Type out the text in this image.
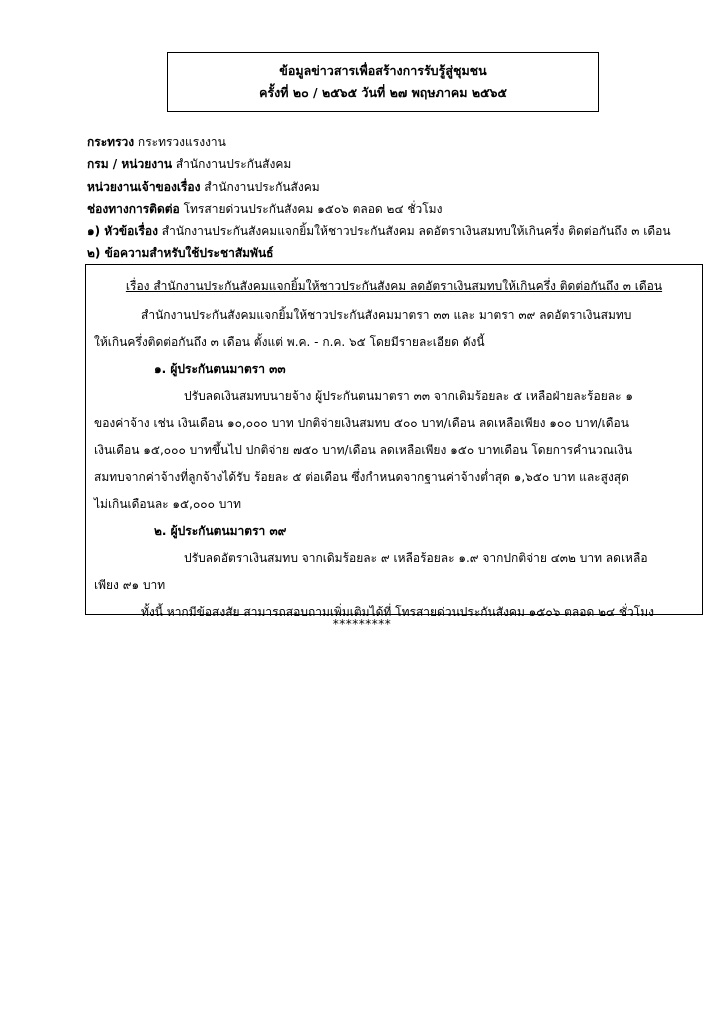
ข้อมูลข่าวสารเพื่อสร้างการรับรู้สู่ชุมชน
ครั้งที่ ๒๐ / ๒๕๖๕ วันที่ ๒๗ พฤษภาคม ๒๕๖๕
กระทรวง กระทรวงแรงงาน
กรม / หน่วยงาน สำนักงานประกันสังคม
หน่วยงานเจ้าของเรื่อง สำนักงานประกันสังคม
ช่องทางการติดต่อ โทรสายด่วนประกันสังคม ๑๕๐๖ ตลอด ๒๔ ชั่วโมง
๑) หัวข้อเรื่อง สำนักงานประกันสังคมแจกยิ้มให้ชาวประกันสังคม ลดอัตราเงินสมทบให้เกินครึ่ง ติดต่อกันถึง ๓ เดือน
๒) ข้อความสำหรับใช้ประชาสัมพันธ์

เรื่อง สำนักงานประกันสังคมแจกยิ้มให้ชาวประกันสังคม ลดอัตราเงินสมทบให้เกินครึ่ง ติดต่อกันถึง ๓ เดือน

สำนักงานประกันสังคมแจกยิ้มให้ชาวประกันสังคมมาตรา ๓๓ และ มาตรา ๓๙ ลดอัตราเงินสมทบ

ให้เกินครึ่งติดต่อกันถึง ๓ เดือน ตั้งแต่ พ.ค. - ก.ค. ๖๕ โดยมีรายละเอียด ดังนี้

๑. ผู้ประกันตนมาตรา ๓๓

ปรับลดเงินสมทบนายจ้าง ผู้ประกันตนมาตรา ๓๓ จากเดิมร้อยละ ๕ เหลือฝ่ายละร้อยละ ๑

ของค่าจ้าง เช่น เงินเดือน ๑๐,๐๐๐ บาท ปกติจ่ายเงินสมทบ ๕๐๐ บาท/เดือน ลดเหลือเพียง ๑๐๐ บาท/เดือน

เงินเดือน ๑๕,๐๐๐ บาทขึ้นไป ปกติจ่าย ๗๕๐ บาท/เดือน ลดเหลือเพียง ๑๕๐ บาทเดือน โดยการคำนวณเงิน

สมทบจากค่าจ้างที่ลูกจ้างได้รับ ร้อยละ ๕ ต่อเดือน ซึ่งกำหนดจากฐานค่าจ้างต่ำสุด ๑,๖๕๐ บาท และสูงสุด

ไม่เกินเดือนละ ๑๕,๐๐๐ บาท

๒. ผู้ประกันตนมาตรา ๓๙

ปรับลดอัตราเงินสมทบ จากเดิมร้อยละ ๙ เหลือร้อยละ ๑.๙ จากปกติจ่าย ๔๓๒ บาท ลดเหลือ

เพียง ๙๑ บาท

ทั้งนี้ หากมีข้อสงสัย สามารถสอบถามเพิ่มเติมได้ที่ โทรสายด่วนประกันสังคม ๑๕๐๖ ตลอด ๒๔ ชั่วโมง

*********
